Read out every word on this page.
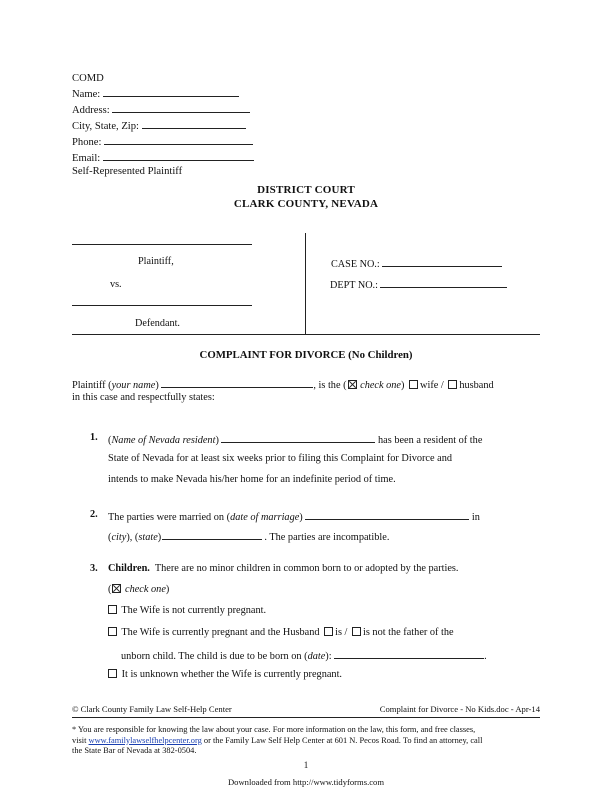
COMD
Name:
Address:
City, State, Zip:
Phone:
Email:
Self-Represented Plaintiff
DISTRICT COURT
CLARK COUNTY, NEVADA
Plaintiff,
vs.
Defendant.
CASE NO.:
DEPT NO.:
COMPLAINT FOR DIVORCE (No Children)
Plaintiff (your name)	, is the ( check one) wife / husband
in this case and respectfully states:
1. (Name of Nevada resident)	has been a resident of the
State of Nevada for at least six weeks prior to filing this Complaint for Divorce and
intends to make Nevada his/her home for an indefinite period of time.
2. The parties were married on (date of marriage)	in
(city), (state)	. The parties are incompatible.
3. Children. There are no minor children in common born to or adopted by the parties.
( check one)
The Wife is not currently pregnant.
The Wife is currently pregnant and the Husband is / is not the father of the
unborn child. The child is due to be born on (date):	.
It is unknown whether the Wife is currently pregnant.
© Clark County Family Law Self-Help Center	Complaint for Divorce - No Kids.doc - Apr-14
* You are responsible for knowing the law about your case. For more information on the law, this form, and free classes,
visit www.familylawselfhelpcenter.org or the Family Law Self Help Center at 601 N. Pecos Road. To find an attorney, call
the State Bar of Nevada at 382-0504.
1
Downloaded from http://www.tidyforms.com
